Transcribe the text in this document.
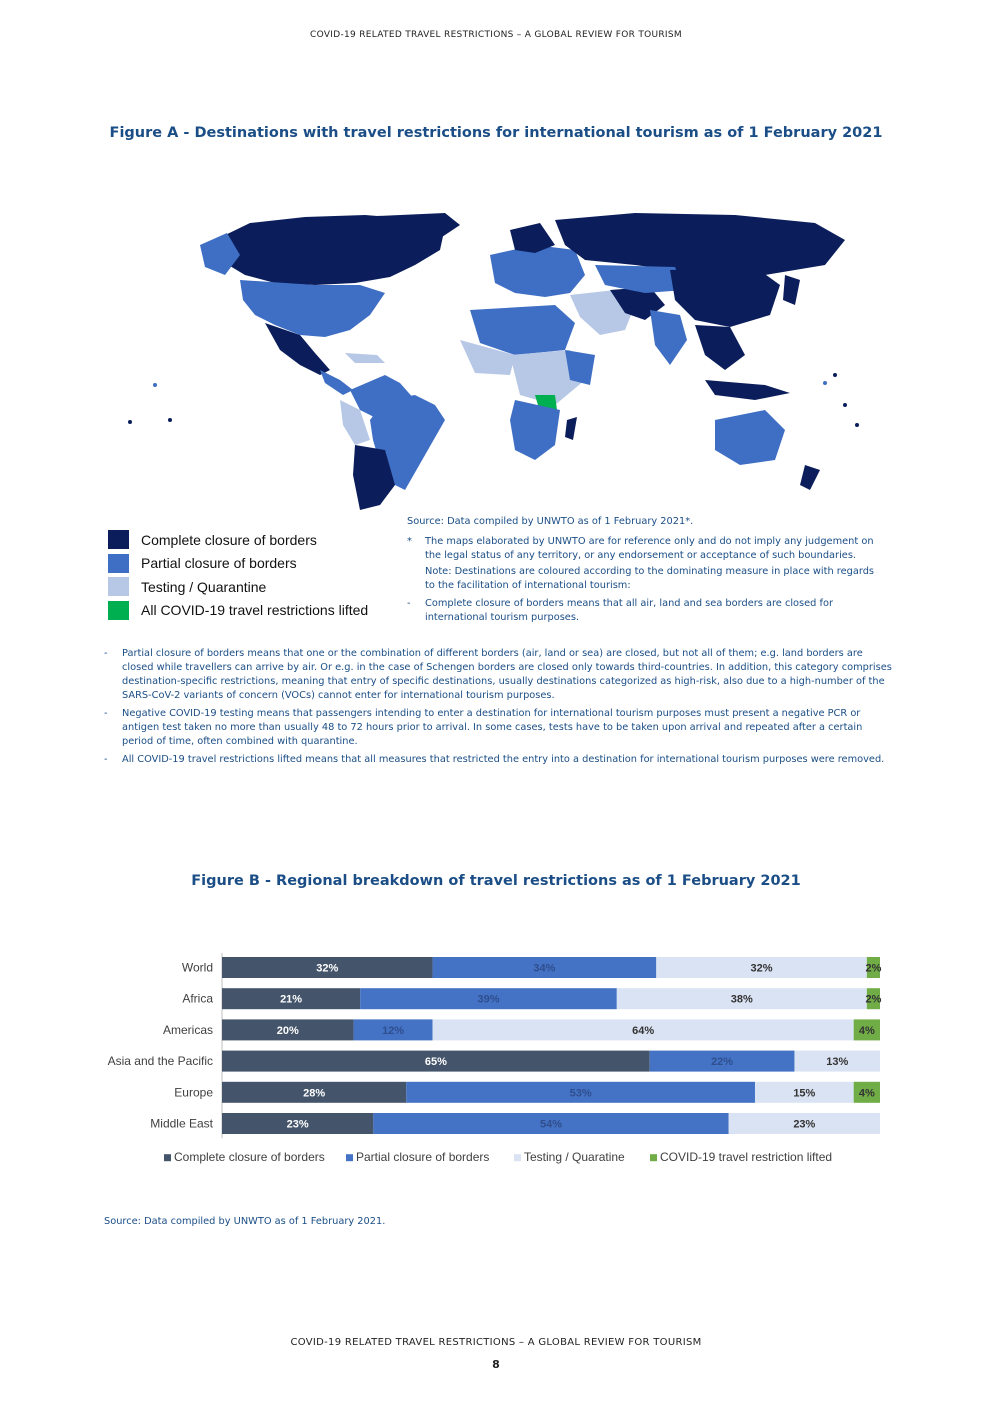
COVID-19 RELATED TRAVEL RESTRICTIONS – A GLOBAL REVIEW FOR TOURISM
Figure A - Destinations with travel restrictions for international tourism as of 1 February 2021
Complete closure of borders
Partial closure of borders
Testing / Quarantine
All COVID-19 travel restrictions lifted

Source: Data compiled by UNWTO as of 1 February 2021*.

*	The maps elaborated by UNWTO are for reference only and do not imply any judgement on the legal status of any territory, or any endorsement or acceptance of such boundaries.
Note: Destinations are coloured according to the dominating measure in place with regards to the facilitation of international tourism:
-	Complete closure of borders means that all air, land and sea borders are closed for international tourism purposes.
-	Partial closure of borders means that one or the combination of different borders (air, land or sea) are closed, but not all of them; e.g. land borders are closed while travellers can arrive by air. Or e.g. in the case of Schengen borders are closed only towards third-countries. In addition, this category comprises destination-specific restrictions, meaning that entry of specific destinations, usually destinations categorized as high-risk, also due to a high-number of the SARS-CoV-2 variants of concern (VOCs) cannot enter for international tourism purposes.
-	Negative COVID-19 testing means that passengers intending to enter a destination for international tourism purposes must present a negative PCR or antigen test taken no more than usually 48 to 72 hours prior to arrival. In some cases, tests have to be taken upon arrival and repeated after a certain period of time, often combined with quarantine.
-	All COVID-19 travel restrictions lifted means that all measures that restricted the entry into a destination for international tourism purposes were removed.
Figure B - Regional breakdown of travel restrictions as of 1 February 2021
World	32%	34%	32%	2%
Africa	21%	39%	38%	2%
Americas	20%	12%	64%	4%
Asia and the Pacific	65%	22%	13%
Europe	28%	53%	15%	4%
Middle East	23%	54%	23%
Complete closure of borders	Partial closure of borders	Testing / Quaratine	COVID-19 travel restriction lifted
Source: Data compiled by UNWTO as of 1 February 2021.
COVID-19 RELATED TRAVEL RESTRICTIONS – A GLOBAL REVIEW FOR TOURISM
8
